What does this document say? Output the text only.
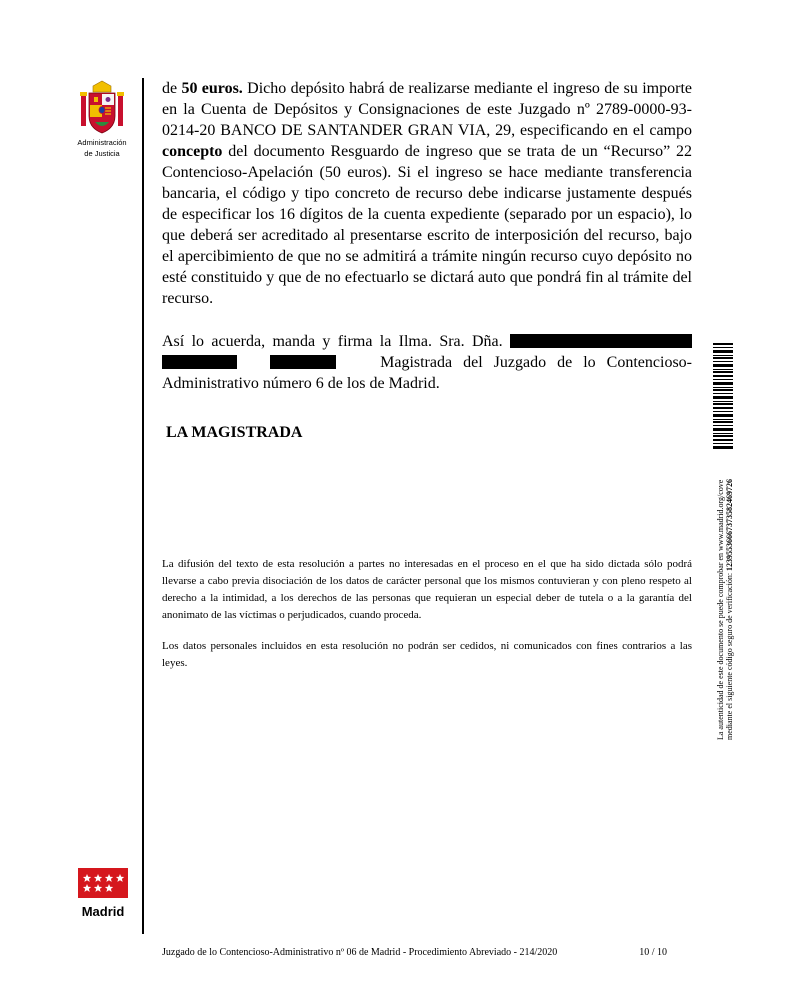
Administración
de Justicia

de 50 euros. Dicho depósito habrá de realizarse mediante el ingreso de su importe en la Cuenta de Depósitos y Consignaciones de este Juzgado nº 2789-0000-93-0214-20 BANCO DE SANTANDER GRAN VIA, 29, especificando en el campo concepto del documento Resguardo de ingreso que se trata de un “Recurso” 22 Contencioso-Apelación (50 euros). Si el ingreso se hace mediante transferencia bancaria, el código y tipo concreto de recurso debe indicarse justamente después de especificar los 16 dígitos de la cuenta expediente (separado por un espacio), lo que deberá ser acreditado al presentarse escrito de interposición del recurso, bajo el apercibimiento de que no se admitirá a trámite ningún recurso cuyo depósito no esté constituido y que de no efectuarlo se dictará auto que pondrá fin al trámite del recurso.

Así lo acuerda, manda y firma la Ilma. Sra. Dña.         Magistrada del Juzgado de lo Contencioso-Administrativo número 6 de los de Madrid.

LA MAGISTRADA

La difusión del texto de esta resolución a partes no interesadas en el proceso en el que ha sido dictada sólo podrá llevarse a cabo previa disociación de los datos de carácter personal que los mismos contuvieran y con pleno respeto al derecho a la intimidad, a los derechos de las personas que requieran un especial deber de tutela o a la garantía del anonimato de las víctimas o perjudicados, cuando proceda.

Los datos personales incluidos en esta resolución no podrán ser cedidos, ni comunicados con fines contrarios a las leyes.	La autenticidad de este documento se puede comprobar en www.madrid.org/cove mediante el siguiente código seguro de verificación: 1239553666737358246972​6
Madrid
Juzgado de lo Contencioso-Administrativo nº 06 de Madrid - Procedimiento Abreviado - 214/2020	10 / 10
